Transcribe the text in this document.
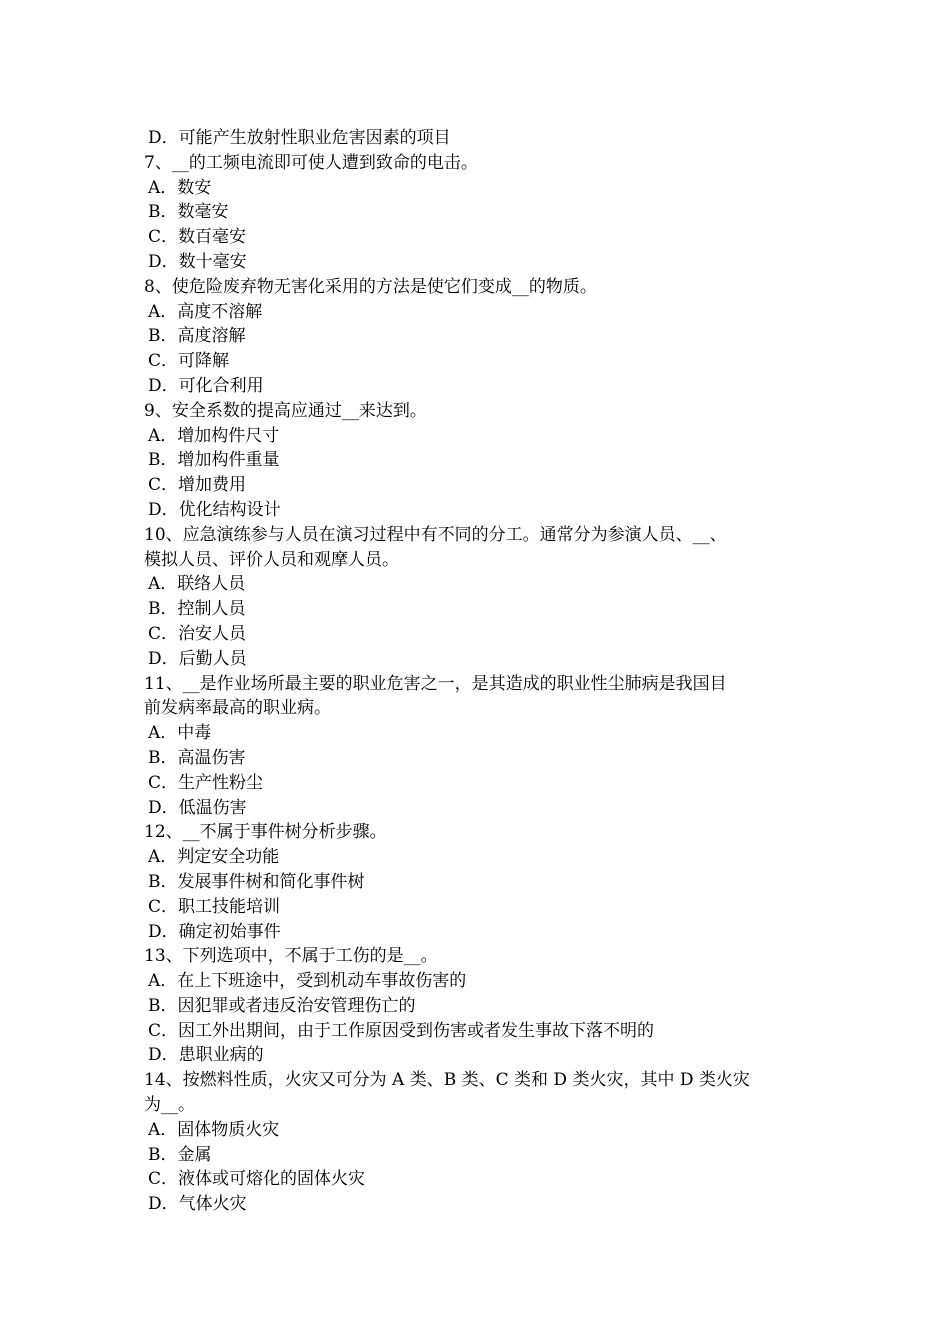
D．可能产生放射性职业危害因素的项目
7、__的工频电流即可使人遭到致命的电击。
A．数安
B．数毫安
C．数百毫安
D．数十毫安
8、使危险废弃物无害化采用的方法是使它们变成__的物质。
A．高度不溶解
B．高度溶解
C．可降解
D．可化合利用
9、安全系数的提高应通过__来达到。
A．增加构件尺寸
B．增加构件重量
C．增加费用
D．优化结构设计
10、应急演练参与人员在演习过程中有不同的分工。通常分为参演人员、__、
模拟人员、评价人员和观摩人员。
A．联络人员
B．控制人员
C．治安人员
D．后勤人员
11、__是作业场所最主要的职业危害之一，是其造成的职业性尘肺病是我国目
前发病率最高的职业病。
A．中毒
B．高温伤害
C．生产性粉尘
D．低温伤害
12、__不属于事件树分析步骤。
A．判定安全功能
B．发展事件树和简化事件树
C．职工技能培训
D．确定初始事件
13、下列选项中，不属于工伤的是__。
A．在上下班途中，受到机动车事故伤害的
B．因犯罪或者违反治安管理伤亡的
C．因工外出期间，由于工作原因受到伤害或者发生事故下落不明的
D．患职业病的
14、按燃料性质，火灾又可分为 A 类、B 类、C 类和 D 类火灾，其中 D 类火灾
为__。
A．固体物质火灾
B．金属
C．液体或可熔化的固体火灾
D．气体火灾
